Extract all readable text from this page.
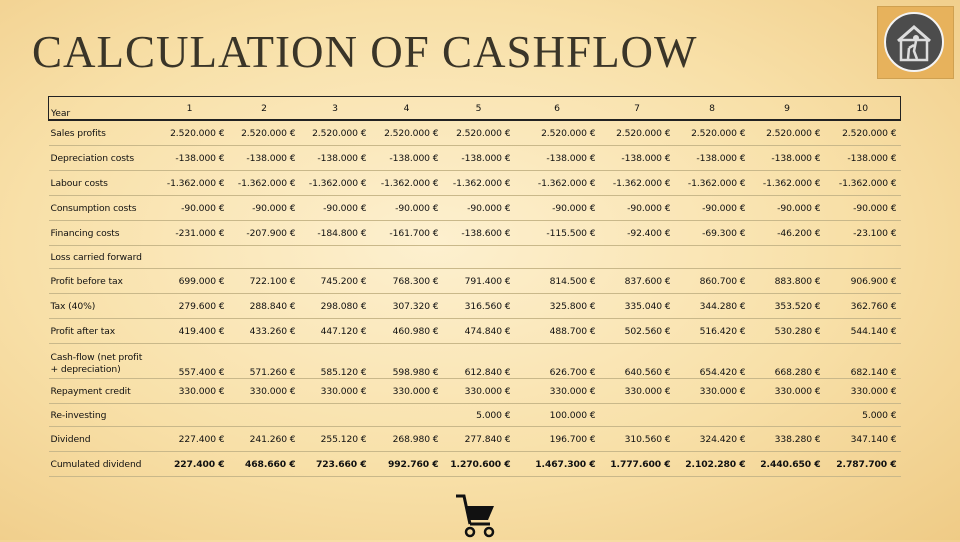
CALCULATION OF CASHFLOW
Year	1	2	3	4	5	6	7	8	9	10
Sales profits	2.520.000 €	2.520.000 €	2.520.000 €	2.520.000 €	2.520.000 €	2.520.000 €	2.520.000 €	2.520.000 €	2.520.000 €	2.520.000 €
Depreciation costs	-138.000 €	-138.000 €	-138.000 €	-138.000 €	-138.000 €	-138.000 €	-138.000 €	-138.000 €	-138.000 €	-138.000 €
Labour costs	-1.362.000 €	-1.362.000 €	-1.362.000 €	-1.362.000 €	-1.362.000 €	-1.362.000 €	-1.362.000 €	-1.362.000 €	-1.362.000 €	-1.362.000 €
Consumption costs	-90.000 €	-90.000 €	-90.000 €	-90.000 €	-90.000 €	-90.000 €	-90.000 €	-90.000 €	-90.000 €	-90.000 €
Financing costs	-231.000 €	-207.900 €	-184.800 €	-161.700 €	-138.600 €	-115.500 €	-92.400 €	-69.300 €	-46.200 €	-23.100 €
Loss carried forward										
Profit before tax	699.000 €	722.100 €	745.200 €	768.300 €	791.400 €	814.500 €	837.600 €	860.700 €	883.800 €	906.900 €
Tax (40%)	279.600 €	288.840 €	298.080 €	307.320 €	316.560 €	325.800 €	335.040 €	344.280 €	353.520 €	362.760 €
Profit after tax	419.400 €	433.260 €	447.120 €	460.980 €	474.840 €	488.700 €	502.560 €	516.420 €	530.280 €	544.140 €
Cash-flow (net profit + depreciation)	557.400 €	571.260 €	585.120 €	598.980 €	612.840 €	626.700 €	640.560 €	654.420 €	668.280 €	682.140 €
Repayment credit	330.000 €	330.000 €	330.000 €	330.000 €	330.000 €	330.000 €	330.000 €	330.000 €	330.000 €	330.000 €
Re-investing					5.000 €	100.000 €				5.000 €
Dividend	227.400 €	241.260 €	255.120 €	268.980 €	277.840 €	196.700 €	310.560 €	324.420 €	338.280 €	347.140 €
Cumulated dividend	227.400 €	468.660 €	723.660 €	992.760 €	1.270.600 €	1.467.300 €	1.777.600 €	2.102.280 €	2.440.650 €	2.787.700 €
